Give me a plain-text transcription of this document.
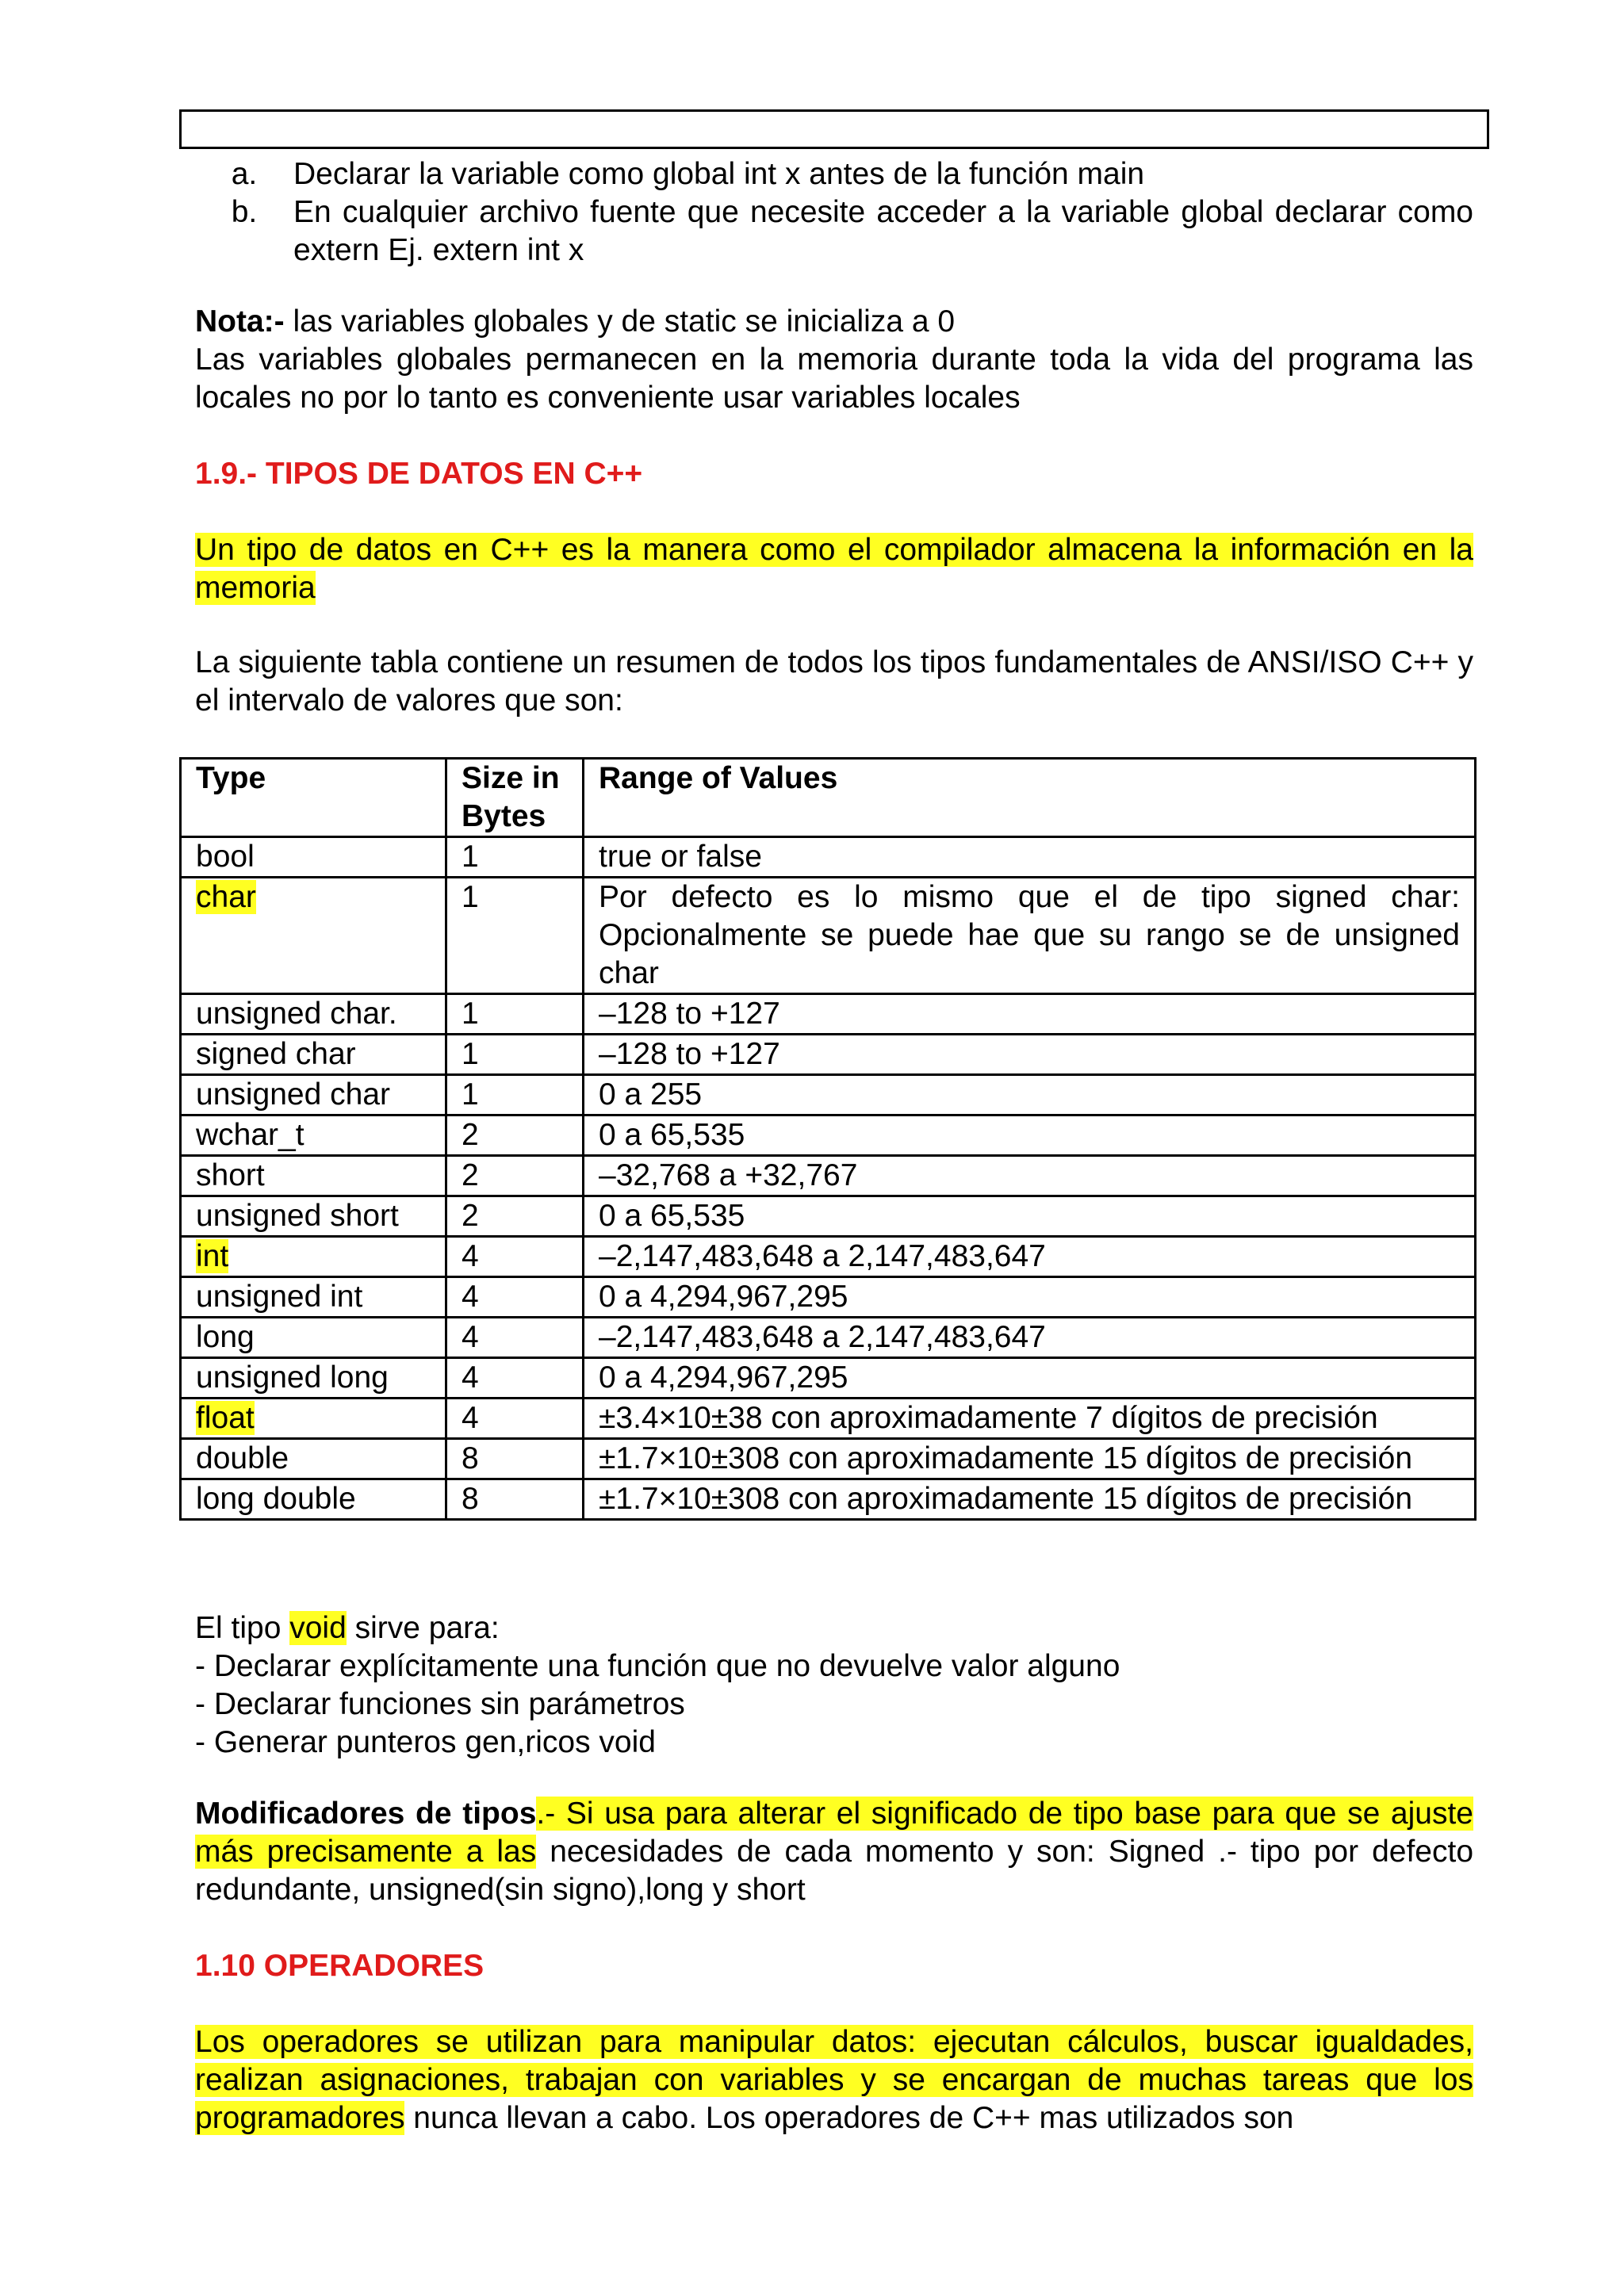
a.	Declarar la variable como global int x antes de la función main
b.	En cualquier archivo fuente que necesite acceder a la variable global declarar como extern Ej. extern int x
Nota:- las variables globales y de static se inicializa a 0
Las variables globales permanecen en la memoria durante toda la vida del programa las locales no por lo tanto es conveniente usar variables locales
1.9.- TIPOS DE DATOS EN C++
Un tipo de datos en C++ es la manera como el compilador almacena la información en la memoria
La siguiente tabla contiene un resumen de todos los tipos fundamentales de ANSI/ISO C++ y el intervalo de valores que son:
Type	Size in Bytes	Range of Values
bool	1	true or false
char	1	Por defecto es lo mismo que el de tipo signed char: Opcionalmente se puede hae que su rango se de unsigned char
unsigned char.	1	–128 to +127
signed char	1	–128 to +127
unsigned char	1	0 a 255
wchar_t	2	0 a 65,535
short	2	–32,768 a +32,767
unsigned short	2	0 a 65,535
int	4	–2,147,483,648 a 2,147,483,647
unsigned int	4	0 a 4,294,967,295
long	4	–2,147,483,648 a 2,147,483,647
unsigned long	4	0 a 4,294,967,295
float	4	±3.4×10±38 con aproximadamente 7 dígitos de precisión
double	8	±1.7×10±308 con aproximadamente 15 dígitos de precisión
long double	8	±1.7×10±308 con aproximadamente 15 dígitos de precisión
El tipo void sirve para:
- Declarar explícitamente una función que no devuelve valor alguno
- Declarar funciones sin parámetros
- Generar punteros gen,ricos void
Modificadores de tipos.- Si usa para alterar el significado de tipo base para que se ajuste más precisamente a las necesidades de cada momento y son: Signed .- tipo por defecto redundante, unsigned(sin signo),long y short
1.10 OPERADORES
Los operadores se utilizan para manipular datos: ejecutan cálculos, buscar igualdades, realizan asignaciones, trabajan con variables y se encargan de muchas tareas que los programadores nunca llevan a cabo. Los operadores de C++ mas utilizados son
